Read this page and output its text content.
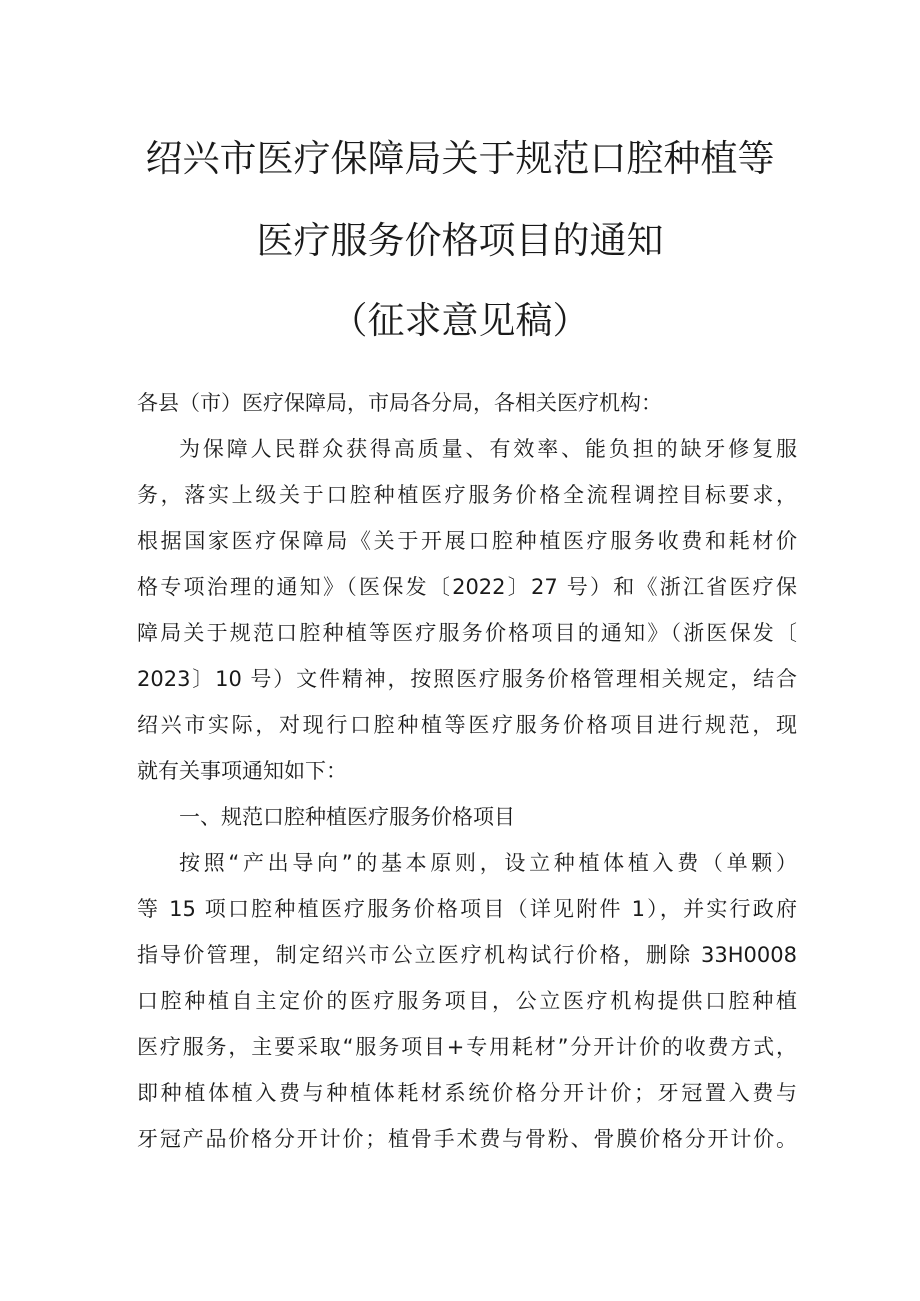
绍兴市医疗保障局关于规范口腔种植等
医疗服务价格项目的通知
（征求意见稿）
各县（市）医疗保障局，市局各分局，各相关医疗机构：
为保障人民群众获得高质量、有效率、能负担的缺牙修复服
务，落实上级关于口腔种植医疗服务价格全流程调控目标要求，
根据国家医疗保障局《关于开展口腔种植医疗服务收费和耗材价
格专项治理的通知》（医保发〔2022〕27 号）和《浙江省医疗保
障局关于规范口腔种植等医疗服务价格项目的通知》（浙医保发〔
2023〕10 号）文件精神，按照医疗服务价格管理相关规定，结合
绍兴市实际，对现行口腔种植等医疗服务价格项目进行规范，现
就有关事项通知如下：
一、规范口腔种植医疗服务价格项目
按照“产出导向”的基本原则，设立种植体植入费（单颗）
等 15 项口腔种植医疗服务价格项目（详见附件 1），并实行政府
指导价管理，制定绍兴市公立医疗机构试行价格，删除 33H0008
口腔种植自主定价的医疗服务项目，公立医疗机构提供口腔种植
医疗服务，主要采取“服务项目+专用耗材”分开计价的收费方式，
即种植体植入费与种植体耗材系统价格分开计价；牙冠置入费与
牙冠产品价格分开计价；植骨手术费与骨粉、骨膜价格分开计价。
